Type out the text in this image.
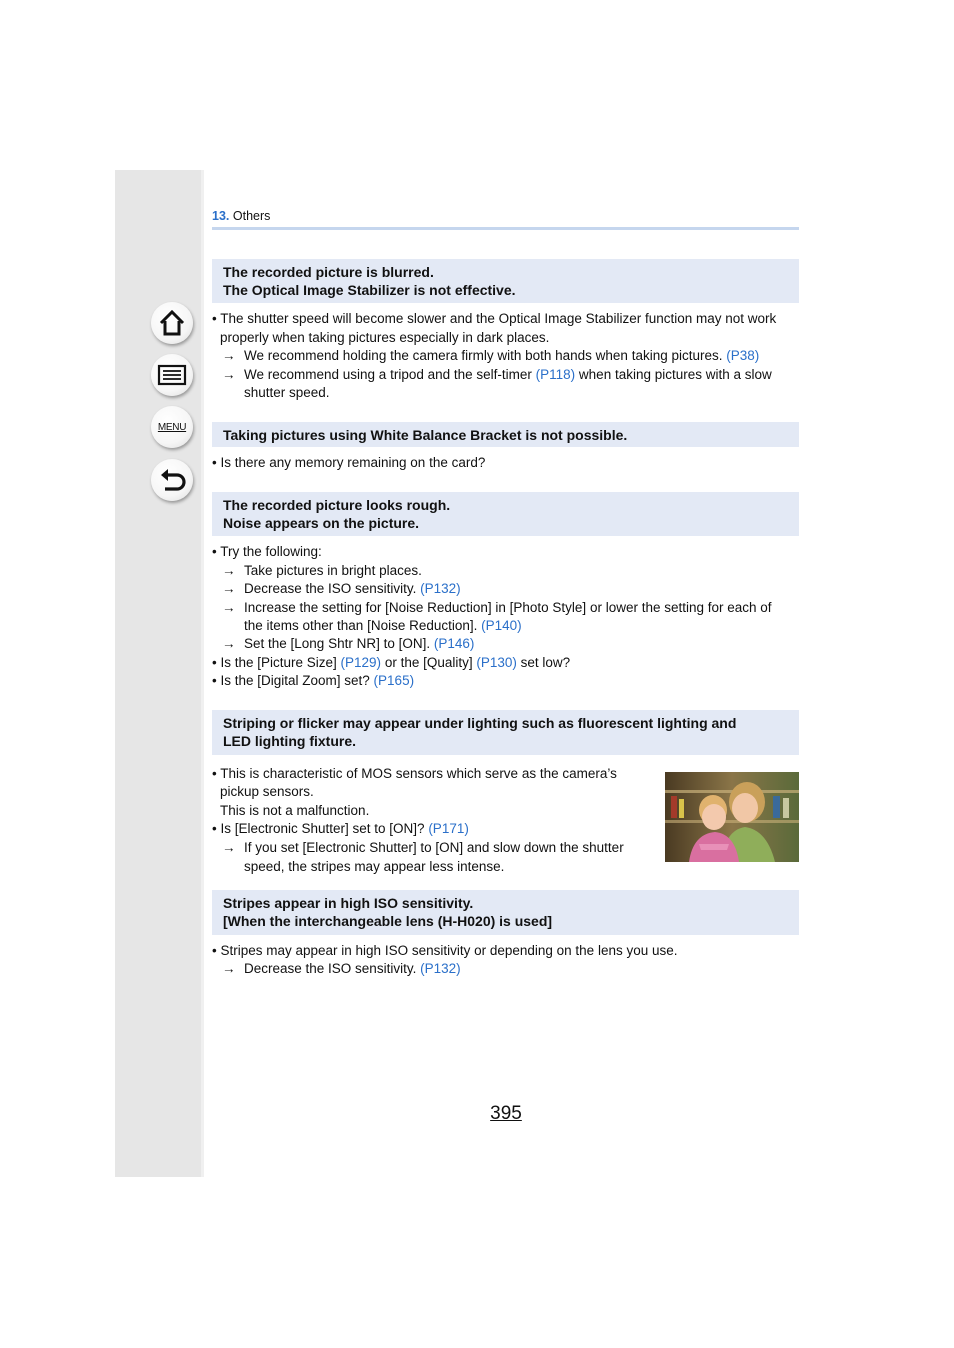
MENU
13. Others
The recorded picture is blurred.
The Optical Image Stabilizer is not effective.
• The shutter speed will become slower and the Optical Image Stabilizer function may not work
properly when taking pictures especially in dark places.
→ We recommend holding the camera firmly with both hands when taking pictures. (P38)
→ We recommend using a tripod and the self-timer (P118) when taking pictures with a slow
shutter speed.
Taking pictures using White Balance Bracket is not possible.
• Is there any memory remaining on the card?
The recorded picture looks rough.
Noise appears on the picture.
• Try the following:
→ Take pictures in bright places.
→ Decrease the ISO sensitivity. (P132)
→ Increase the setting for [Noise Reduction] in [Photo Style] or lower the setting for each of
the items other than [Noise Reduction]. (P140)
→ Set the [Long Shtr NR] to [ON]. (P146)
• Is the [Picture Size] (P129) or the [Quality] (P130) set low?
• Is the [Digital Zoom] set? (P165)
Striping or flicker may appear under lighting such as fluorescent lighting and
LED lighting fixture.
• This is characteristic of MOS sensors which serve as the camera’s
pickup sensors.
This is not a malfunction.
• Is [Electronic Shutter] set to [ON]? (P171)
→ If you set [Electronic Shutter] to [ON] and slow down the shutter
speed, the stripes may appear less intense.
Stripes appear in high ISO sensitivity.
[When the interchangeable lens (H-H020) is used]
• Stripes may appear in high ISO sensitivity or depending on the lens you use.
→ Decrease the ISO sensitivity. (P132)
395
